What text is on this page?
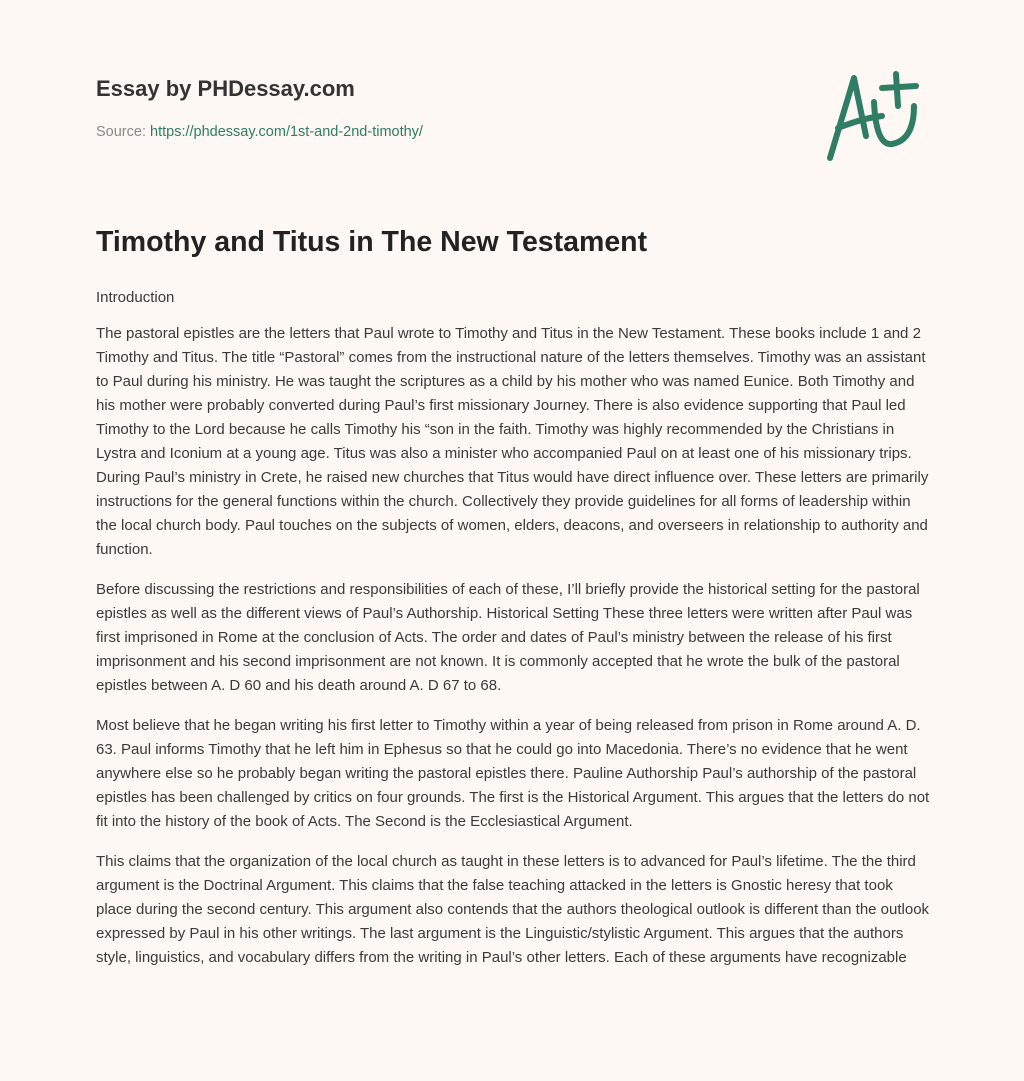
Essay by PHDessay.com

Source: https://phdessay.com/1st-and-2nd-timothy/
Timothy and Titus in The New Testament

Introduction

The pastoral epistles are the letters that Paul wrote to Timothy and Titus in the New Testament. These books include 1 and 2 Timothy and Titus. The title “Pastoral” comes from the instructional nature of the letters themselves. Timothy was an assistant to Paul during his ministry. He was taught the scriptures as a child by his mother who was named Eunice. Both Timothy and his mother were probably converted during Paul’s first missionary Journey. There is also evidence supporting that Paul led Timothy to the Lord because he calls Timothy his “son in the faith. Timothy was highly recommended by the Christians in Lystra and Iconium at a young age. Titus was also a minister who accompanied Paul on at least one of his missionary trips. During Paul’s ministry in Crete, he raised new churches that Titus would have direct influence over. These letters are primarily instructions for the general functions within the church. Collectively they provide guidelines for all forms of leadership within the local church body. Paul touches on the subjects of women, elders, deacons, and overseers in relationship to authority and function.

Before discussing the restrictions and responsibilities of each of these, I’ll briefly provide the historical setting for the pastoral epistles as well as the different views of Paul’s Authorship. Historical Setting These three letters were written after Paul was first imprisoned in Rome at the conclusion of Acts. The order and dates of Paul’s ministry between the release of his first imprisonment and his second imprisonment are not known. It is commonly accepted that he wrote the bulk of the pastoral epistles between A. D 60 and his death around A. D 67 to 68.

Most believe that he began writing his first letter to Timothy within a year of being released from prison in Rome around A. D. 63. Paul informs Timothy that he left him in Ephesus so that he could go into Macedonia. There’s no evidence that he went anywhere else so he probably began writing the pastoral epistles there. Pauline Authorship Paul’s authorship of the pastoral epistles has been challenged by critics on four grounds. The first is the Historical Argument. This argues that the letters do not fit into the history of the book of Acts. The Second is the Ecclesiastical Argument.

This claims that the organization of the local church as taught in these letters is to advanced for Paul’s lifetime. The the third argument is the Doctrinal Argument. This claims that the false teaching attacked in the letters is Gnostic heresy that took place during the second century. This argument also contends that the authors theological outlook is different than the outlook expressed by Paul in his other writings. The last argument is the Linguistic/stylistic Argument. This argues that the authors style, linguistics, and vocabulary differs from the writing in Paul’s other letters. Each of these arguments have recognizable
